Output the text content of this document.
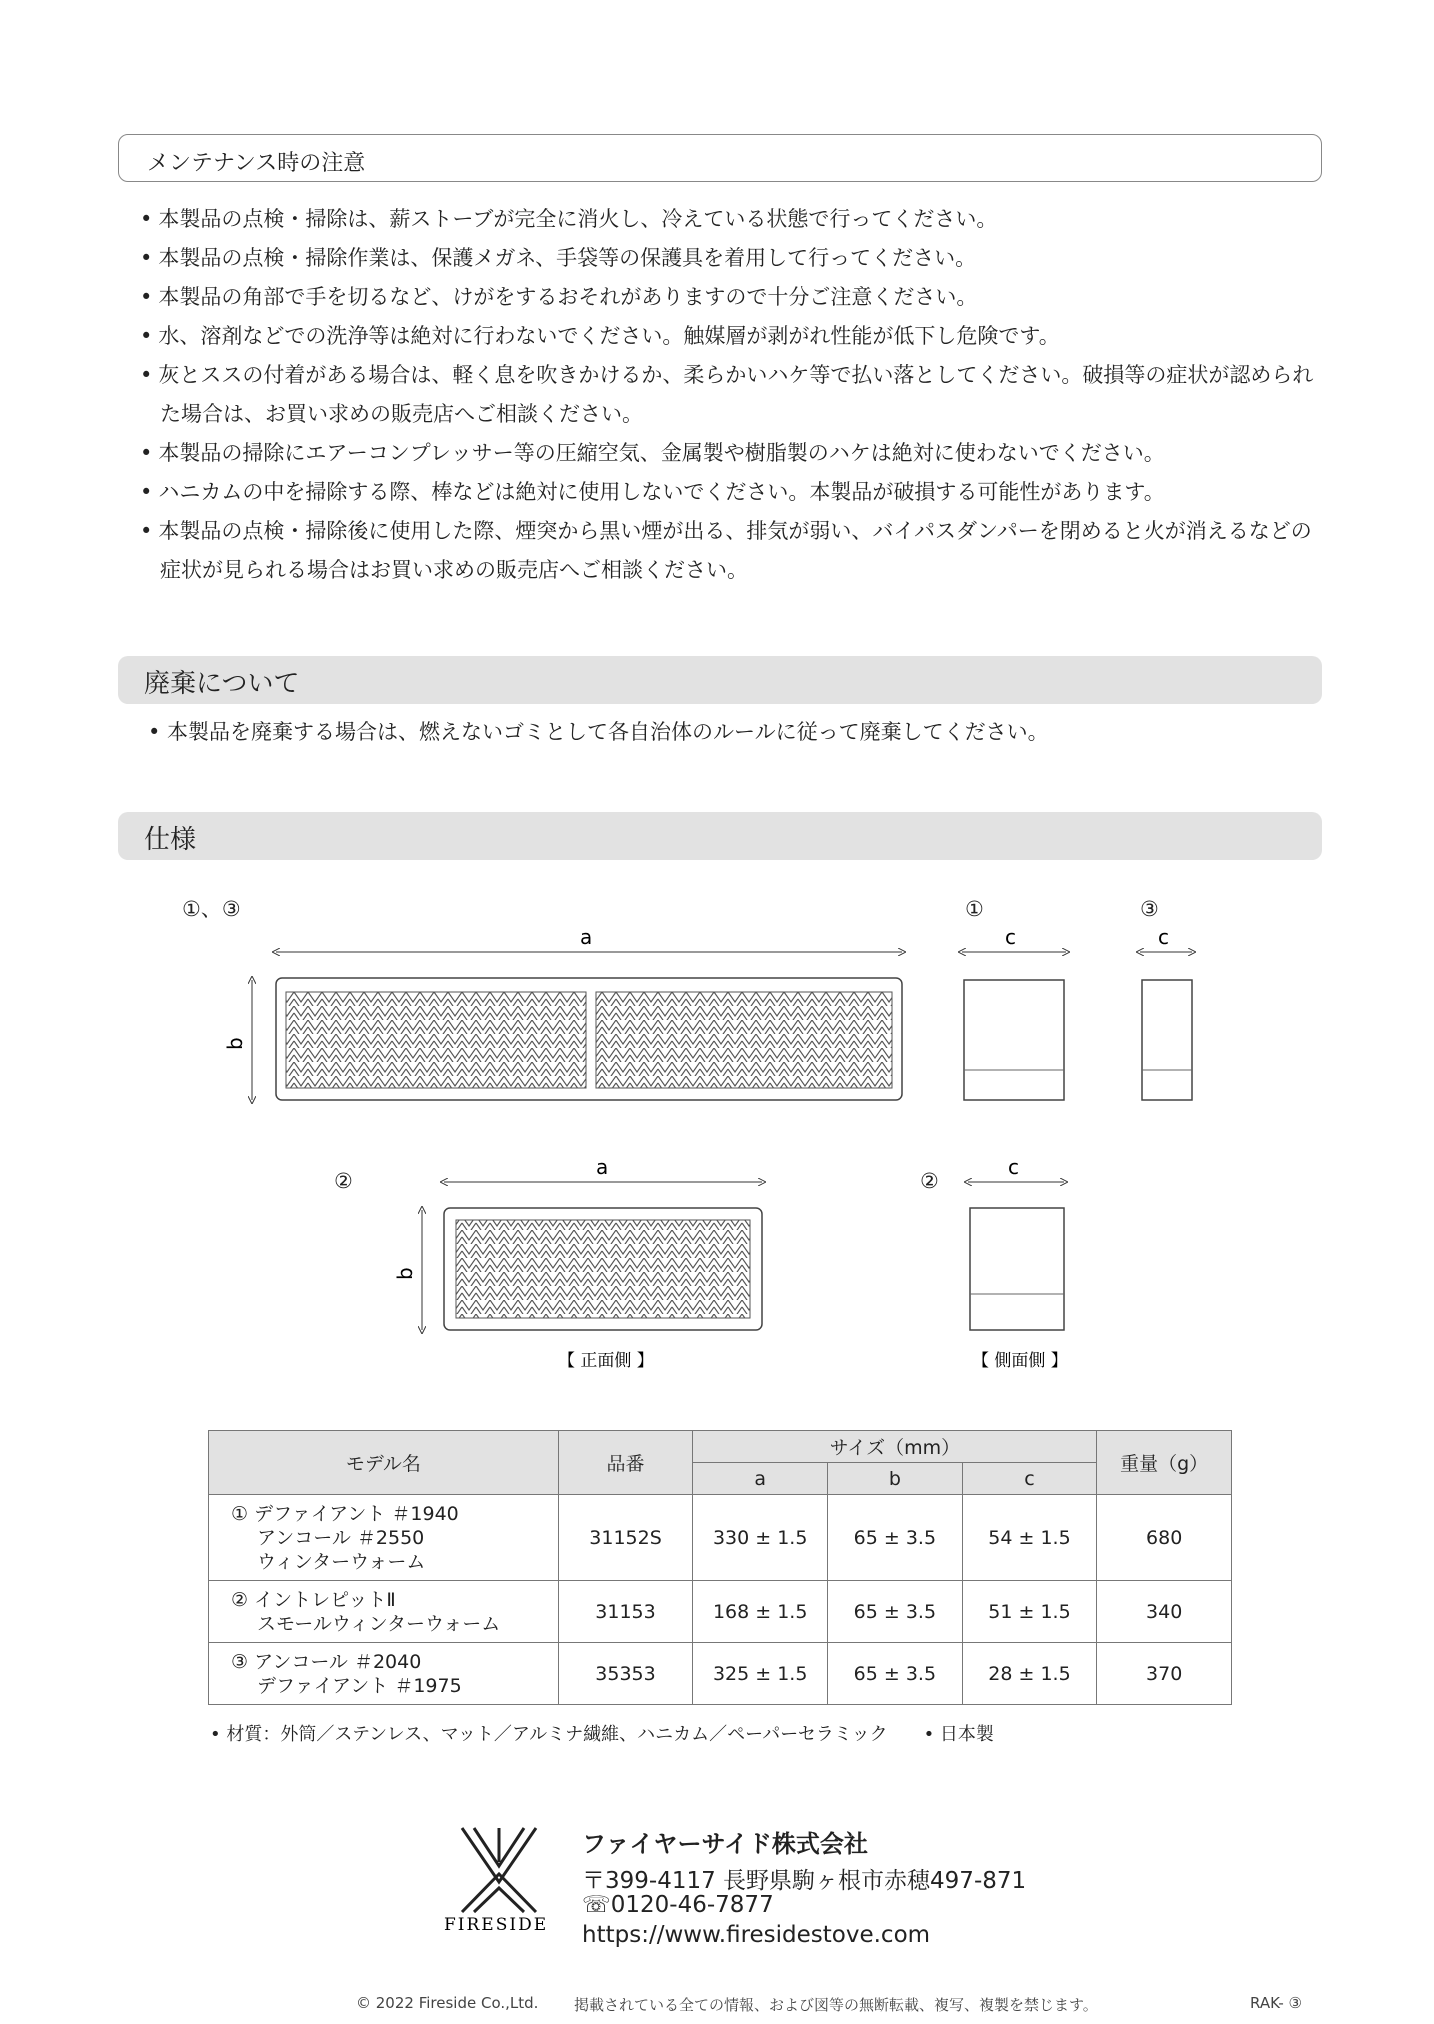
メンテナンス時の注意
• 本製品の点検・掃除は、薪ストーブが完全に消火し、冷えている状態で行ってください。
• 本製品の点検・掃除作業は、保護メガネ、手袋等の保護具を着用して行ってください。
• 本製品の角部で手を切るなど、けがをするおそれがありますので十分ご注意ください。
• 水、溶剤などでの洗浄等は絶対に行わないでください。触媒層が剥がれ性能が低下し危険です。
• 灰とススの付着がある場合は、軽く息を吹きかけるか、柔らかいハケ等で払い落としてください。破損等の症状が認められた場合は、お買い求めの販売店へご相談ください。
• 本製品の掃除にエアーコンプレッサー等の圧縮空気、金属製や樹脂製のハケは絶対に使わないでください。
• ハニカムの中を掃除する際、棒などは絶対に使用しないでください。本製品が破損する可能性があります。
• 本製品の点検・掃除後に使用した際、煙突から黒い煙が出る、排気が弱い、バイパスダンパーを閉めると火が消えるなどの症状が見られる場合はお買い求めの販売店へご相談ください。
廃棄について
• 本製品を廃棄する場合は、燃えないゴミとして各自治体のルールに従って廃棄してください。
仕様
①、③	①	③
②	②
a
b
c	c
a
b
c
【 正面側 】	【 側面側 】
モデル名	品番	サイズ（mm）			重量（g）
		a	b	c	

① デファイアント ＃1940
アンコール ＃2550
ウィンターウォーム	31152S	330 ± 1.5	65 ± 3.5	54 ± 1.5	680

② イントレピットⅡ
スモールウィンターウォーム	31153	168 ± 1.5	65 ± 3.5	51 ± 1.5	340

③ アンコール ＃2040
デファイアント ＃1975	35353	325 ± 1.5	65 ± 3.5	28 ± 1.5	370
• 材質：外筒／ステンレス、マット／アルミナ繊維、ハニカム／ペーパーセラミック　　• 日本製
FIRESIDE
ファイヤーサイド株式会社
〒399-4117 長野県駒ヶ根市赤穂497-871
☏0120-46-7877
https://www.firesidestove.com
© 2022 Fireside Co.,Ltd. 掲載されている全ての情報、および図等の無断転載、複写、複製を禁じます。	RAK- ③
